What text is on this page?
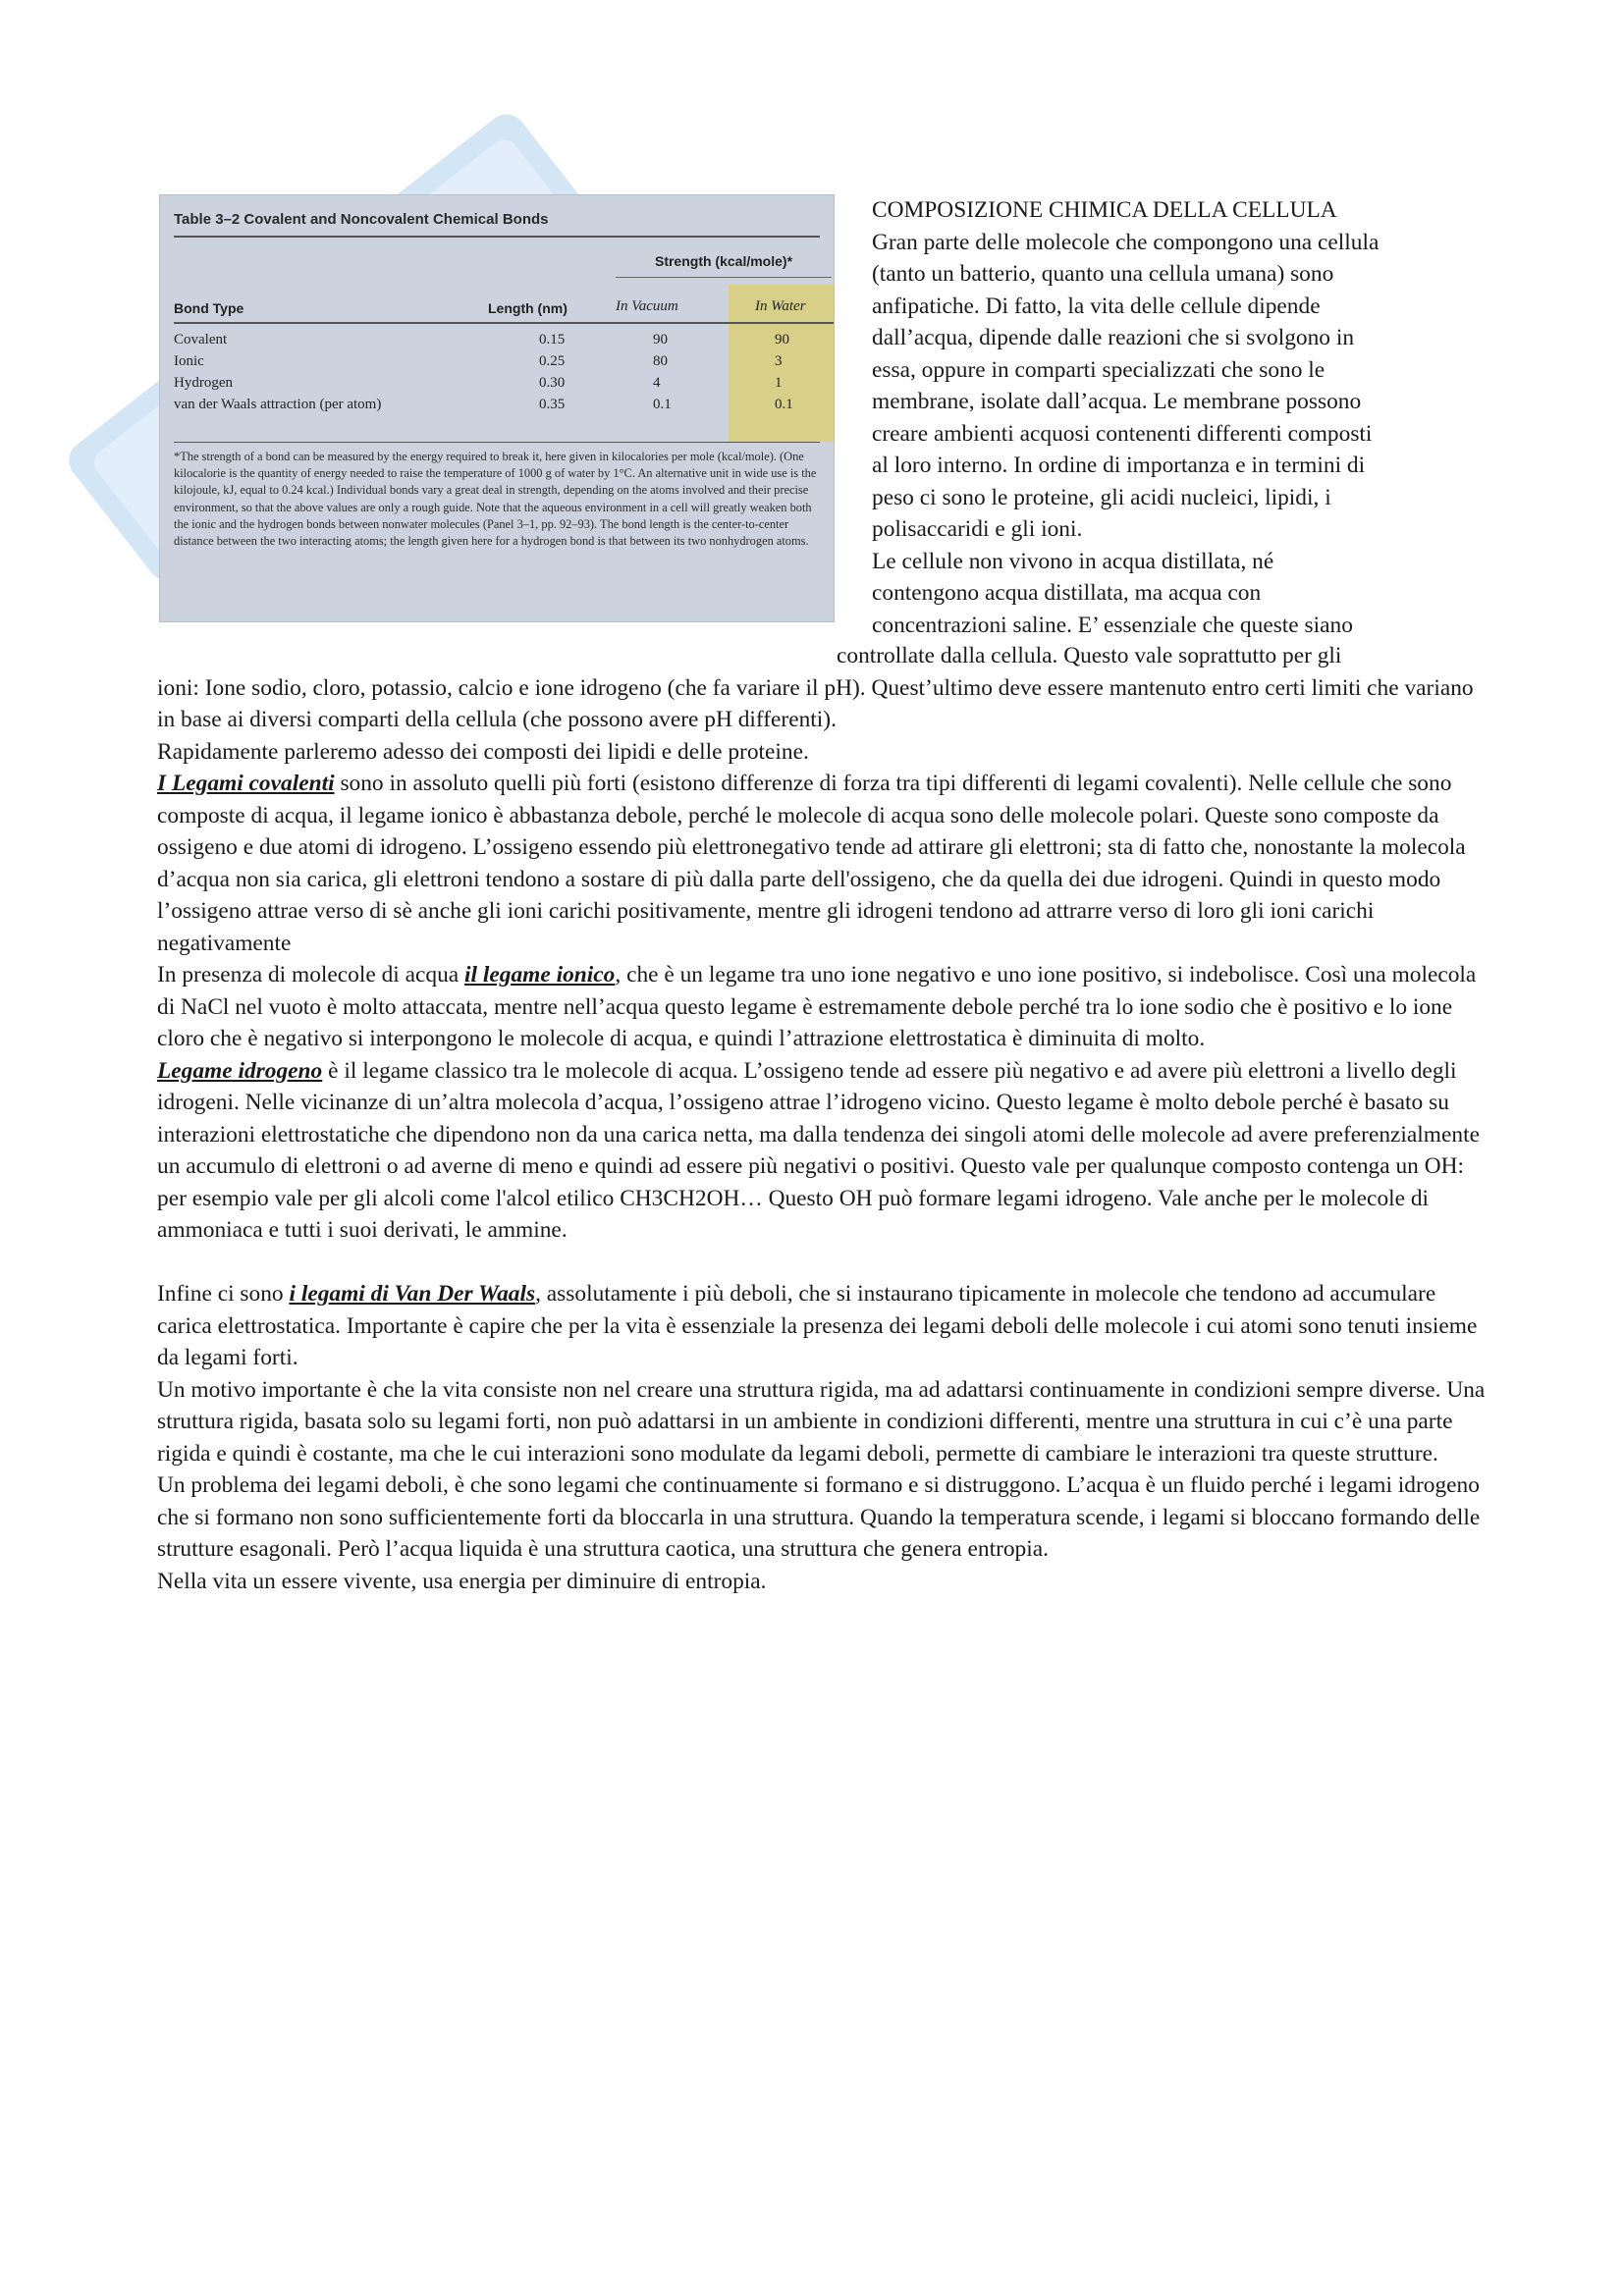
Table 3–2 Covalent and Noncovalent Chemical Bonds
Strength (kcal/mole)*
Bond Type	Length (nm)	In Vacuum	In Water
Covalent	0.15	90	90
Ionic	0.25	80	3
Hydrogen	0.30	4	1
van der Waals attraction (per atom)	0.35	0.1	0.1
*The strength of a bond can be measured by the energy required to break it, here given in kilocalories per mole (kcal/mole). (One kilocalorie is the quantity of energy needed to raise the temperature of 1000 g of water by 1°C. An alternative unit in wide use is the kilojoule, kJ, equal to 0.24 kcal.) Individual bonds vary a great deal in strength, depending on the atoms involved and their precise environment, so that the above values are only a rough guide. Note that the aqueous environment in a cell will greatly weaken both the ionic and the hydrogen bonds between nonwater molecules (Panel 3–1, pp. 92–93). The bond length is the center-to-center distance between the two interacting atoms; the length given here for a hydrogen bond is that between its two nonhydrogen atoms.
COMPOSIZIONE CHIMICA DELLA CELLULA
Gran parte delle molecole che compongono una cellula
(tanto un batterio, quanto una cellula umana) sono
anfipatiche. Di fatto, la vita delle cellule dipende
dall’acqua, dipende dalle reazioni che si svolgono in
essa, oppure in comparti specializzati che sono le
membrane, isolate dall’acqua. Le membrane possono
creare ambienti acquosi contenenti differenti composti
al loro interno. In ordine di importanza e in termini di
peso ci sono le proteine, gli acidi nucleici, lipidi, i
polisaccaridi e gli ioni.
Le cellule non vivono in acqua distillata, né
contengono acqua distillata, ma acqua con
concentrazioni saline. E’ essenziale che queste siano
controllate dalla cellula. Questo vale soprattutto per gli

ioni: Ione sodio, cloro, potassio, calcio e ione idrogeno (che fa variare il pH). Quest’ultimo deve essere mantenuto entro certi limiti che variano in base ai diversi comparti della cellula (che possono avere pH differenti).

Rapidamente parleremo adesso dei composti dei lipidi e delle proteine.

I Legami covalenti sono in assoluto quelli più forti (esistono differenze di forza tra tipi differenti di legami covalenti). Nelle cellule che sono composte di acqua, il legame ionico è abbastanza debole, perché le molecole di acqua sono delle molecole polari. Queste sono composte da ossigeno e due atomi di idrogeno. L’ossigeno essendo più elettronegativo tende ad attirare gli elettroni; sta di fatto che, nonostante la molecola d’acqua non sia carica, gli elettroni tendono a sostare di più dalla parte dell'ossigeno, che da quella dei due idrogeni. Quindi in questo modo l’ossigeno attrae verso di sè anche gli ioni carichi positivamente, mentre gli idrogeni tendono ad attrarre verso di loro gli ioni carichi negativamente

In presenza di molecole di acqua il legame ionico, che è un legame tra uno ione negativo e uno ione positivo, si indebolisce. Così una molecola di NaCl nel vuoto è molto attaccata, mentre nell’acqua questo legame è estremamente debole perché tra lo ione sodio che è positivo e lo ione cloro che è negativo si interpongono le molecole di acqua, e quindi l’attrazione elettrostatica è diminuita di molto.

Legame idrogeno è il legame classico tra le molecole di acqua. L’ossigeno tende ad essere più negativo e ad avere più elettroni a livello degli idrogeni. Nelle vicinanze di un’altra molecola d’acqua, l’ossigeno attrae l’idrogeno vicino. Questo legame è molto debole perché è basato su interazioni elettrostatiche che dipendono non da una carica netta, ma dalla tendenza dei singoli atomi delle molecole ad avere preferenzialmente un accumulo di elettroni o ad averne di meno e quindi ad essere più negativi o positivi. Questo vale per qualunque composto contenga un OH: per esempio vale per gli alcoli come l'alcol etilico CH3CH2OH… Questo OH può formare legami idrogeno. Vale anche per le molecole di ammoniaca e tutti i suoi derivati, le ammine.

Infine ci sono i legami di Van Der Waals, assolutamente i più deboli, che si instaurano tipicamente in molecole che tendono ad accumulare carica elettrostatica. Importante è capire che per la vita è essenziale la presenza dei legami deboli delle molecole i cui atomi sono tenuti insieme da legami forti.

Un motivo importante è che la vita consiste non nel creare una struttura rigida, ma ad adattarsi continuamente in condizioni sempre diverse. Una struttura rigida, basata solo su legami forti, non può adattarsi in un ambiente in condizioni differenti, mentre una struttura in cui c’è una parte rigida e quindi è costante, ma che le cui interazioni sono modulate da legami deboli, permette di cambiare le interazioni tra queste strutture.

Un problema dei legami deboli, è che sono legami che continuamente si formano e si distruggono. L’acqua è un fluido perché i legami idrogeno che si formano non sono sufficientemente forti da bloccarla in una struttura. Quando la temperatura scende, i legami si bloccano formando delle strutture esagonali. Però l’acqua liquida è una struttura caotica, una struttura che genera entropia.

Nella vita un essere vivente, usa energia per diminuire di entropia.
